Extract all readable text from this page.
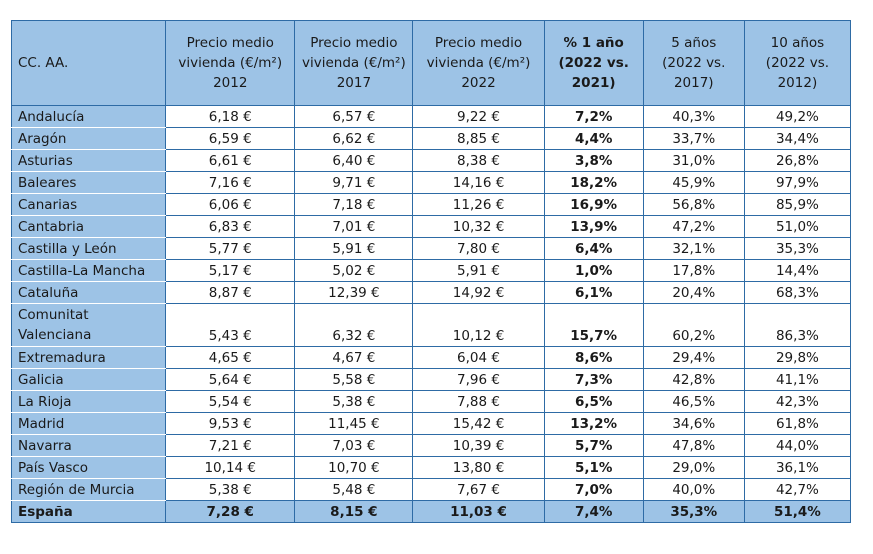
CC. AA.	Precio medio vivienda (€/m²) 2012	Precio medio vivienda (€/m²) 2017	Precio medio vivienda (€/m²) 2022	% 1 año (2022 vs. 2021)	5 años (2022 vs. 2017)	10 años (2022 vs. 2012)
Andalucía	6,18 €	6,57 €	9,22 €	7,2%	40,3%	49,2%
Aragón	6,59 €	6,62 €	8,85 €	4,4%	33,7%	34,4%
Asturias	6,61 €	6,40 €	8,38 €	3,8%	31,0%	26,8%
Baleares	7,16 €	9,71 €	14,16 €	18,2%	45,9%	97,9%
Canarias	6,06 €	7,18 €	11,26 €	16,9%	56,8%	85,9%
Cantabria	6,83 €	7,01 €	10,32 €	13,9%	47,2%	51,0%
Castilla y León	5,77 €	5,91 €	7,80 €	6,4%	32,1%	35,3%
Castilla-La Mancha	5,17 €	5,02 €	5,91 €	1,0%	17,8%	14,4%
Cataluña	8,87 €	12,39 €	14,92 €	6,1%	20,4%	68,3%
Comunitat Valenciana	5,43 €	6,32 €	10,12 €	15,7%	60,2%	86,3%
Extremadura	4,65 €	4,67 €	6,04 €	8,6%	29,4%	29,8%
Galicia	5,64 €	5,58 €	7,96 €	7,3%	42,8%	41,1%
La Rioja	5,54 €	5,38 €	7,88 €	6,5%	46,5%	42,3%
Madrid	9,53 €	11,45 €	15,42 €	13,2%	34,6%	61,8%
Navarra	7,21 €	7,03 €	10,39 €	5,7%	47,8%	44,0%
País Vasco	10,14 €	10,70 €	13,80 €	5,1%	29,0%	36,1%
Región de Murcia	5,38 €	5,48 €	7,67 €	7,0%	40,0%	42,7%
España	7,28 €	8,15 €	11,03 €	7,4%	35,3%	51,4%
